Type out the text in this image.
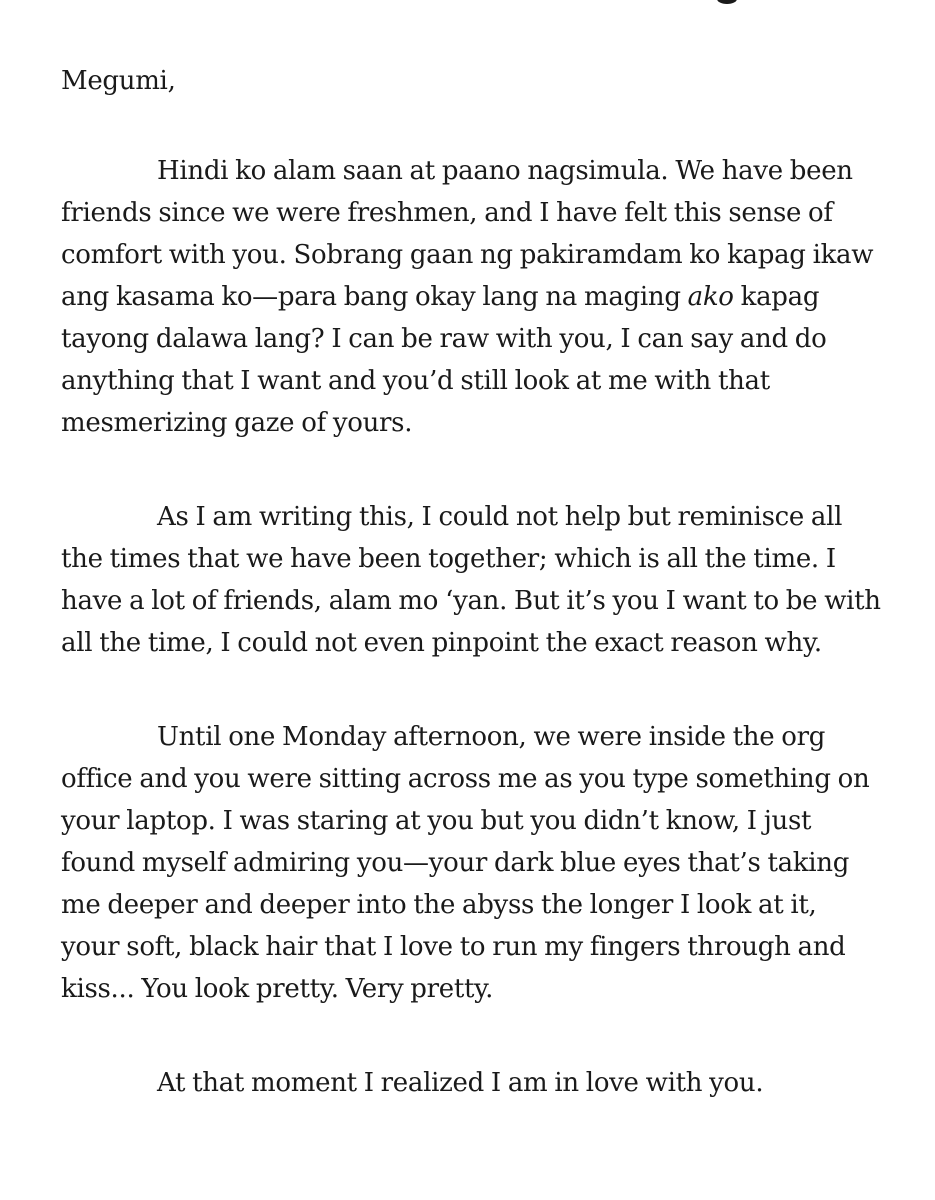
Megumi,

Hindi ko alam saan at paano nagsimula. We have been friends since we were freshmen, and I have felt this sense of comfort with you. Sobrang gaan ng pakiramdam ko kapag ikaw ang kasama ko—para bang okay lang na maging ako kapag tayong dalawa lang? I can be raw with you, I can say and do anything that I want and you’d still look at me with that mesmerizing gaze of yours.

As I am writing this, I could not help but reminisce all the times that we have been together; which is all the time. I have a lot of friends, alam mo ‘yan. But it’s you I want to be with all the time, I could not even pinpoint the exact reason why.

Until one Monday afternoon, we were inside the org office and you were sitting across me as you type something on your laptop. I was staring at you but you didn’t know, I just found myself admiring you—your dark blue eyes that’s taking me deeper and deeper into the abyss the longer I look at it, your soft, black hair that I love to run my fingers through and kiss... You look pretty. Very pretty.

At that moment I realized I am in love with you.
